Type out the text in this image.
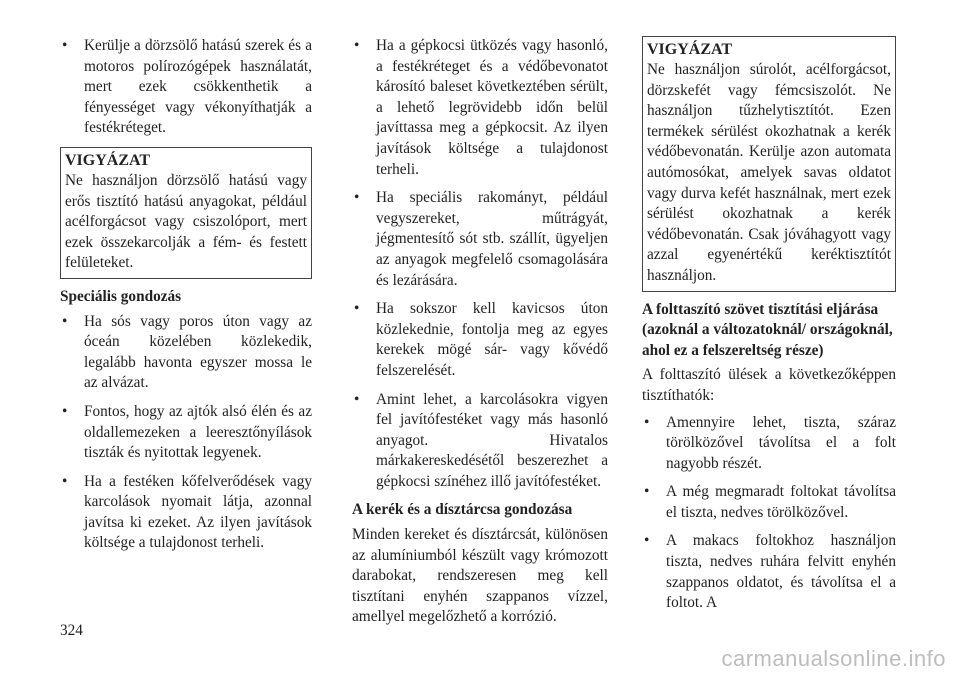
• Kerülje a dörzsölő hatású szerek és a motoros polírozógépek használatát, mert ezek csökkenthetik a fényességet vagy vékonyíthatják a festékréteget.

VIGYÁZAT

Ne használjon dörzsölő hatású vagy erős tisztító hatású anyagokat, például acélforgácsot vagy csiszolóport, mert ezek összekarcolják a fém- és festett felületeket.

Speciális gondozás

• Ha sós vagy poros úton vagy az óceán közelében közlekedik, legalább havonta egyszer mossa le az alvázat.
• Fontos, hogy az ajtók alsó élén és az oldallemezeken a leeresztőnyílások tiszták és nyitottak legyenek.
• Ha a festéken kőfelverődések vagy karcolások nyomait látja, azonnal javítsa ki ezeket. Az ilyen javítások költsége a tulajdonost terheli.
• Ha a gépkocsi ütközés vagy hasonló, a festékréteget és a védőbevonatot károsító baleset következtében sérült, a lehető legrövidebb időn belül javíttassa meg a gépkocsit. Az ilyen javítások költsége a tulajdonost terheli.
• Ha speciális rakományt, például vegyszereket, műtrágyát, jégmentesítő sót stb. szállít, ügyeljen az anyagok megfelelő csomagolására és lezárására.
• Ha sokszor kell kavicsos úton közlekednie, fontolja meg az egyes kerekek mögé sár- vagy kővédő felszerelését.
• Amint lehet, a karcolásokra vigyen fel javítófestéket vagy más hasonló anyagot. Hivatalos márkakereskedésétől beszerezhet a gépkocsi színéhez illő javítófestéket.

A kerék és a dísztárcsa gondozása

Minden kereket és dísztárcsát, különösen az alumíniumból készült vagy krómozott darabokat, rendszeresen meg kell tisztítani enyhén szappanos vízzel, amellyel megelőzhető a korrózió.

VIGYÁZAT

Ne használjon súrolót, acélforgácsot, dörzskefét vagy fémcsiszolót. Ne használjon tűzhelytisztítót. Ezen termékek sérülést okozhatnak a kerék védőbevonatán. Kerülje azon automata autómosókat, amelyek savas oldatot vagy durva kefét használnak, mert ezek sérülést okozhatnak a kerék védőbevonatán. Csak jóváhagyott vagy azzal egyenértékű keréktisztítót használjon.

A folttaszító szövet tisztítási eljárása (azoknál a változatoknál/ országoknál, ahol ez a felszereltség része)

A folttaszító ülések a következőképpen tisztíthatók:

• Amennyire lehet, tiszta, száraz törölközővel távolítsa el a folt nagyobb részét.
• A még megmaradt foltokat távolítsa el tiszta, nedves törölközővel.
• A makacs foltokhoz használjon tiszta, nedves ruhára felvitt enyhén szappanos oldatot, és távolítsa el a foltot. A
324
carmanualsonline.info
